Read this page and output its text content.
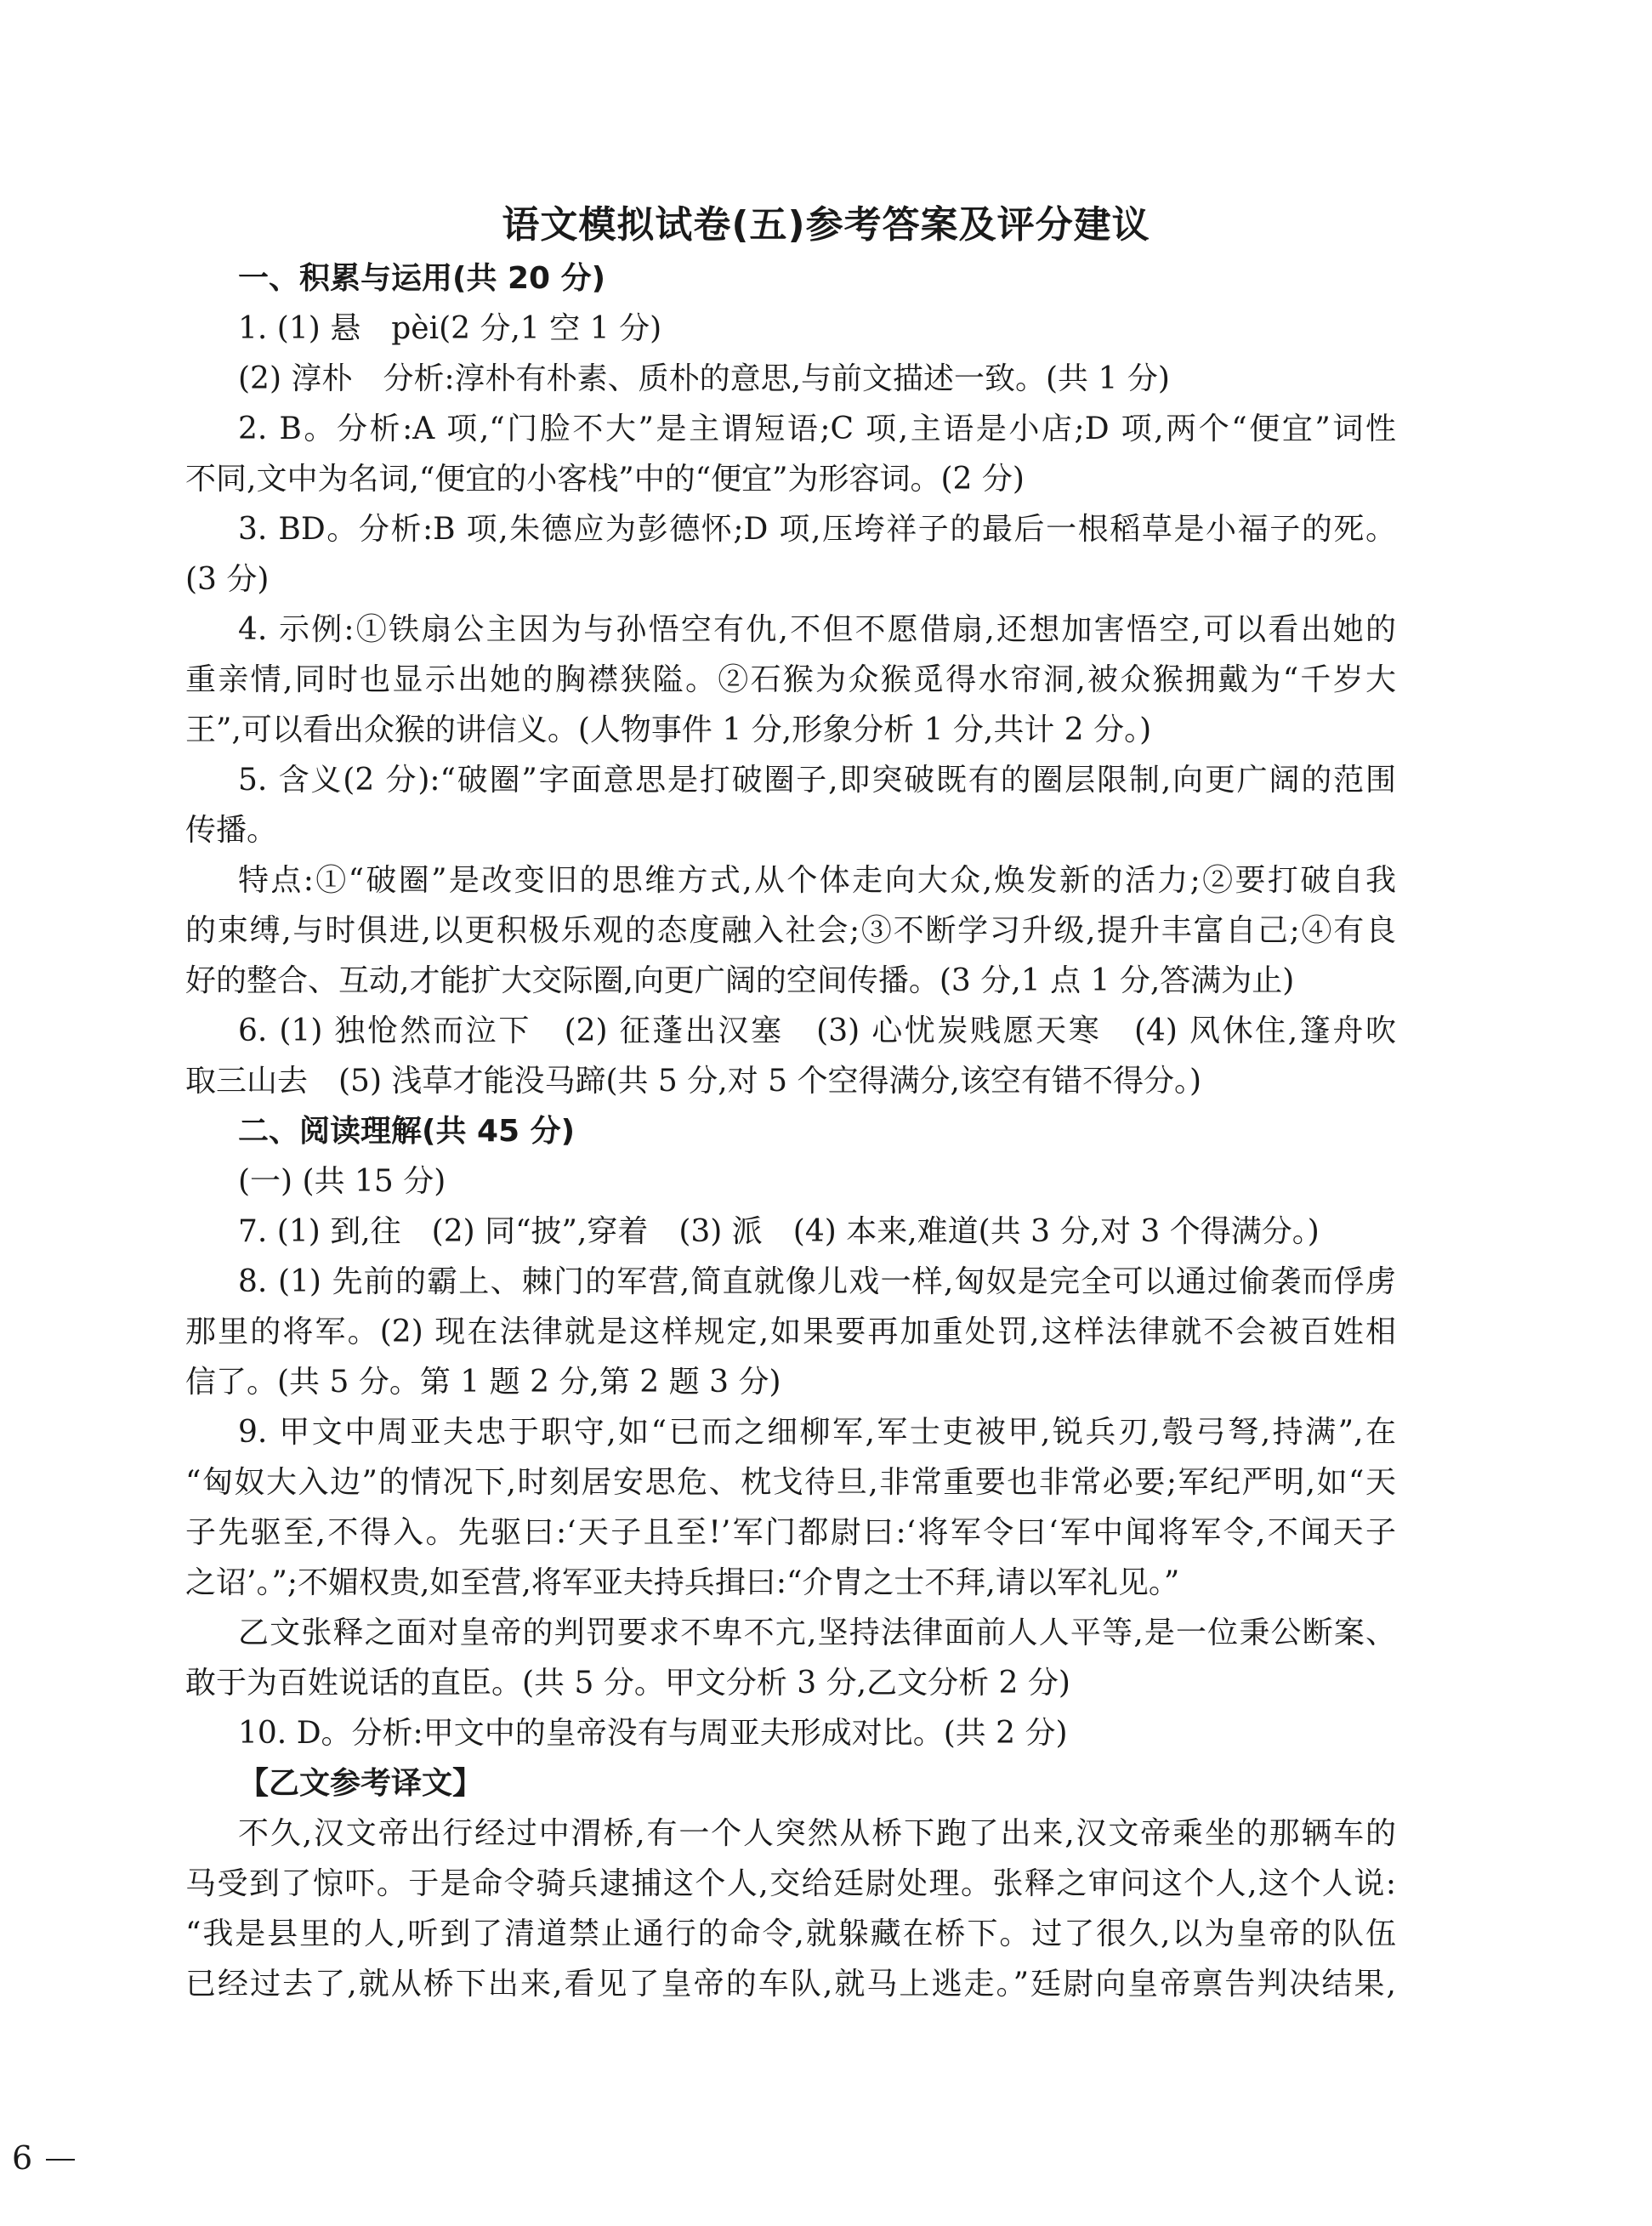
语文模拟试卷(五)参考答案及评分建议
一、积累与运用(共 20 分)
1. (1) 悬　pèi(2 分,1 空 1 分)
(2) 淳朴　分析:淳朴有朴素、质朴的意思,与前文描述一致。(共 1 分)
2. B。分析:A 项,“门脸不大”是主谓短语;C 项,主语是小店;D 项,两个“便宜”词性
不同,文中为名词,“便宜的小客栈”中的“便宜”为形容词。(2 分)
3. BD。分析:B 项,朱德应为彭德怀;D 项,压垮祥子的最后一根稻草是小福子的死。
(3 分)
4. 示例:①铁扇公主因为与孙悟空有仇,不但不愿借扇,还想加害悟空,可以看出她的
重亲情,同时也显示出她的胸襟狭隘。②石猴为众猴觅得水帘洞,被众猴拥戴为“千岁大
王”,可以看出众猴的讲信义。(人物事件 1 分,形象分析 1 分,共计 2 分。)
5. 含义(2 分):“破圈”字面意思是打破圈子,即突破既有的圈层限制,向更广阔的范围
传播。
特点:①“破圈”是改变旧的思维方式,从个体走向大众,焕发新的活力;②要打破自我
的束缚,与时俱进,以更积极乐观的态度融入社会;③不断学习升级,提升丰富自己;④有良
好的整合、互动,才能扩大交际圈,向更广阔的空间传播。(3 分,1 点 1 分,答满为止)
6. (1) 独怆然而泣下　(2) 征蓬出汉塞　(3) 心忧炭贱愿天寒　(4) 风休住,篷舟吹
取三山去　(5) 浅草才能没马蹄(共 5 分,对 5 个空得满分,该空有错不得分。)
二、阅读理解(共 45 分)
(一) (共 15 分)
7. (1) 到,往　(2) 同“披”,穿着　(3) 派　(4) 本来,难道(共 3 分,对 3 个得满分。)
8. (1) 先前的霸上、棘门的军营,简直就像儿戏一样,匈奴是完全可以通过偷袭而俘虏
那里的将军。(2) 现在法律就是这样规定,如果要再加重处罚,这样法律就不会被百姓相
信了。(共 5 分。第 1 题 2 分,第 2 题 3 分)
9. 甲文中周亚夫忠于职守,如“已而之细柳军,军士吏被甲,锐兵刃,彀弓弩,持满”,在
“匈奴大入边”的情况下,时刻居安思危、枕戈待旦,非常重要也非常必要;军纪严明,如“天
子先驱至,不得入。先驱曰:‘天子且至!’军门都尉曰:‘将军令曰‘军中闻将军令,不闻天子
之诏’。”;不媚权贵,如至营,将军亚夫持兵揖曰:“介胄之士不拜,请以军礼见。”
乙文张释之面对皇帝的判罚要求不卑不亢,坚持法律面前人人平等,是一位秉公断案、
敢于为百姓说话的直臣。(共 5 分。甲文分析 3 分,乙文分析 2 分)
10. D。分析:甲文中的皇帝没有与周亚夫形成对比。(共 2 分)
【乙文参考译文】
不久,汉文帝出行经过中渭桥,有一个人突然从桥下跑了出来,汉文帝乘坐的那辆车的
马受到了惊吓。于是命令骑兵逮捕这个人,交给廷尉处理。张释之审问这个人,这个人说:
“我是县里的人,听到了清道禁止通行的命令,就躲藏在桥下。过了很久,以为皇帝的队伍
已经过去了,就从桥下出来,看见了皇帝的车队,就马上逃走。”廷尉向皇帝禀告判决结果,
6
